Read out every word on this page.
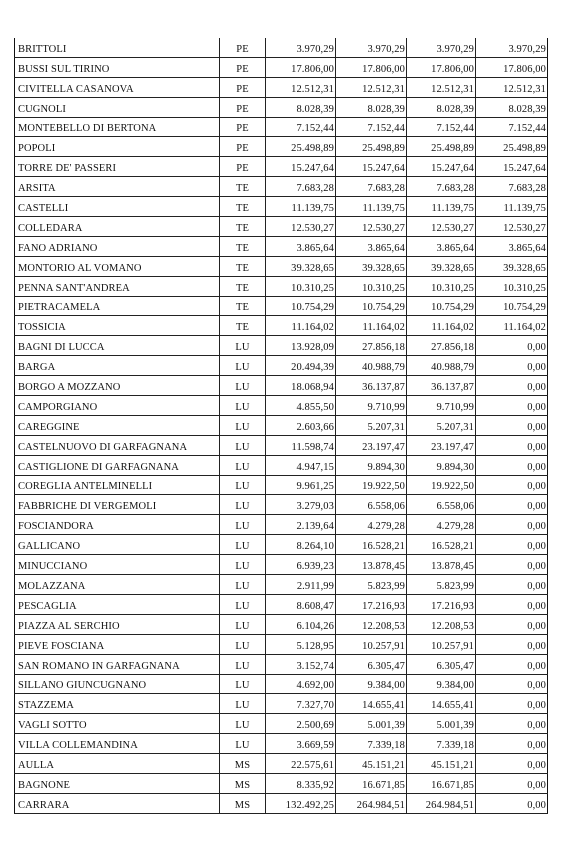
BRITTOLI	PE	3.970,29	3.970,29	3.970,29	3.970,29
BUSSI SUL TIRINO	PE	17.806,00	17.806,00	17.806,00	17.806,00
CIVITELLA CASANOVA	PE	12.512,31	12.512,31	12.512,31	12.512,31
CUGNOLI	PE	8.028,39	8.028,39	8.028,39	8.028,39
MONTEBELLO DI BERTONA	PE	7.152,44	7.152,44	7.152,44	7.152,44
POPOLI	PE	25.498,89	25.498,89	25.498,89	25.498,89
TORRE DE' PASSERI	PE	15.247,64	15.247,64	15.247,64	15.247,64
ARSITA	TE	7.683,28	7.683,28	7.683,28	7.683,28
CASTELLI	TE	11.139,75	11.139,75	11.139,75	11.139,75
COLLEDARA	TE	12.530,27	12.530,27	12.530,27	12.530,27
FANO ADRIANO	TE	3.865,64	3.865,64	3.865,64	3.865,64
MONTORIO AL VOMANO	TE	39.328,65	39.328,65	39.328,65	39.328,65
PENNA SANT'ANDREA	TE	10.310,25	10.310,25	10.310,25	10.310,25
PIETRACAMELA	TE	10.754,29	10.754,29	10.754,29	10.754,29
TOSSICIA	TE	11.164,02	11.164,02	11.164,02	11.164,02
BAGNI DI LUCCA	LU	13.928,09	27.856,18	27.856,18	0,00
BARGA	LU	20.494,39	40.988,79	40.988,79	0,00
BORGO A MOZZANO	LU	18.068,94	36.137,87	36.137,87	0,00
CAMPORGIANO	LU	4.855,50	9.710,99	9.710,99	0,00
CAREGGINE	LU	2.603,66	5.207,31	5.207,31	0,00
CASTELNUOVO DI GARFAGNANA	LU	11.598,74	23.197,47	23.197,47	0,00
CASTIGLIONE DI GARFAGNANA	LU	4.947,15	9.894,30	9.894,30	0,00
COREGLIA ANTELMINELLI	LU	9.961,25	19.922,50	19.922,50	0,00
FABBRICHE DI VERGEMOLI	LU	3.279,03	6.558,06	6.558,06	0,00
FOSCIANDORA	LU	2.139,64	4.279,28	4.279,28	0,00
GALLICANO	LU	8.264,10	16.528,21	16.528,21	0,00
MINUCCIANO	LU	6.939,23	13.878,45	13.878,45	0,00
MOLAZZANA	LU	2.911,99	5.823,99	5.823,99	0,00
PESCAGLIA	LU	8.608,47	17.216,93	17.216,93	0,00
PIAZZA AL SERCHIO	LU	6.104,26	12.208,53	12.208,53	0,00
PIEVE FOSCIANA	LU	5.128,95	10.257,91	10.257,91	0,00
SAN ROMANO IN GARFAGNANA	LU	3.152,74	6.305,47	6.305,47	0,00
SILLANO GIUNCUGNANO	LU	4.692,00	9.384,00	9.384,00	0,00
STAZZEMA	LU	7.327,70	14.655,41	14.655,41	0,00
VAGLI SOTTO	LU	2.500,69	5.001,39	5.001,39	0,00
VILLA COLLEMANDINA	LU	3.669,59	7.339,18	7.339,18	0,00
AULLA	MS	22.575,61	45.151,21	45.151,21	0,00
BAGNONE	MS	8.335,92	16.671,85	16.671,85	0,00
CARRARA	MS	132.492,25	264.984,51	264.984,51	0,00
